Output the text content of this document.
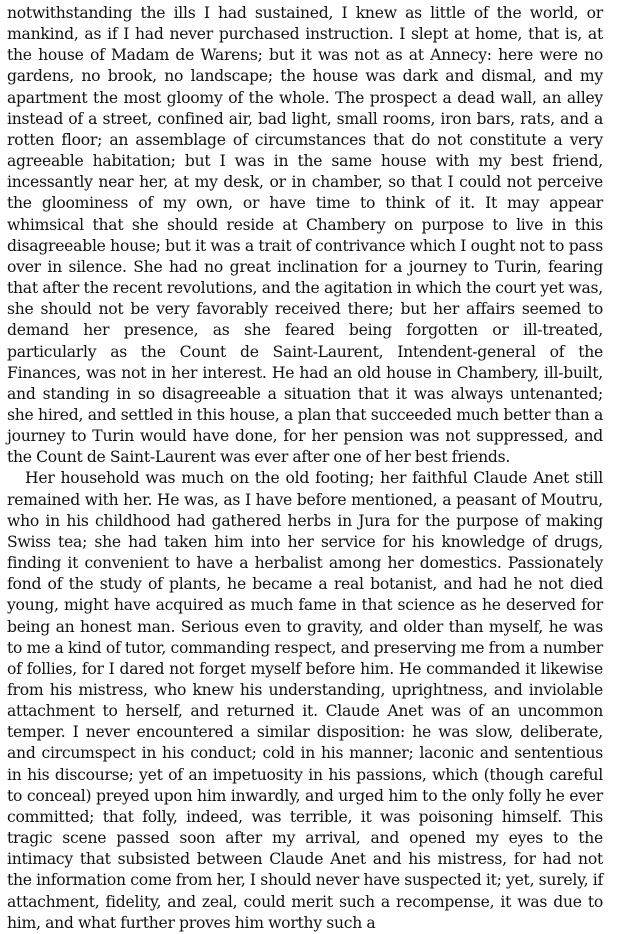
notwithstanding the ills I had sustained, I knew as little of the world, or mankind, as if I had never purchased instruction. I slept at home, that is, at the house of Madam de Warens; but it was not as at Annecy: here were no gardens, no brook, no landscape; the house was dark and dismal, and my apartment the most gloomy of the whole. The prospect a dead wall, an alley instead of a street, confined air, bad light, small rooms, iron bars, rats, and a rotten floor; an assemblage of circumstances that do not constitute a very agreeable habitation; but I was in the same house with my best friend, incessantly near her, at my desk, or in chamber, so that I could not perceive the gloominess of my own, or have time to think of it. It may appear whimsical that she should reside at Chambery on purpose to live in this disagreeable house; but it was a trait of contrivance which I ought not to pass over in silence. She had no great inclination for a journey to Turin, fearing that after the recent revolutions, and the agitation in which the court yet was, she should not be very favorably received there; but her affairs seemed to demand her presence, as she feared being forgotten or ill-treated, particularly as the Count de Saint-Laurent, Intendent-general of the Finances, was not in her interest. He had an old house in Chambery, ill-built, and standing in so disagreeable a situation that it was always untenanted; she hired, and settled in this house, a plan that succeeded much better than a journey to Turin would have done, for her pension was not suppressed, and the Count de Saint-Laurent was ever after one of her best friends.

Her household was much on the old footing; her faithful Claude Anet still remained with her. He was, as I have before mentioned, a peasant of Moutru, who in his childhood had gathered herbs in Jura for the purpose of making Swiss tea; she had taken him into her service for his knowledge of drugs, finding it convenient to have a herbalist among her domestics. Passionately fond of the study of plants, he became a real botanist, and had he not died young, might have acquired as much fame in that science as he deserved for being an honest man. Serious even to gravity, and older than myself, he was to me a kind of tutor, commanding respect, and preserving me from a number of follies, for I dared not forget myself before him. He commanded it likewise from his mistress, who knew his understanding, uprightness, and inviolable attachment to herself, and returned it. Claude Anet was of an uncommon temper. I never encountered a similar disposition: he was slow, deliberate, and circumspect in his conduct; cold in his manner; laconic and sententious in his discourse; yet of an impetuosity in his passions, which (though careful to conceal) preyed upon him inwardly, and urged him to the only folly he ever committed; that folly, indeed, was terrible, it was poisoning himself. This tragic scene passed soon after my arrival, and opened my eyes to the intimacy that subsisted between Claude Anet and his mistress, for had not the information come from her, I should never have suspected it; yet, surely, if attachment, fidelity, and zeal, could merit such a recompense, it was due to him, and what further proves him worthy such a
